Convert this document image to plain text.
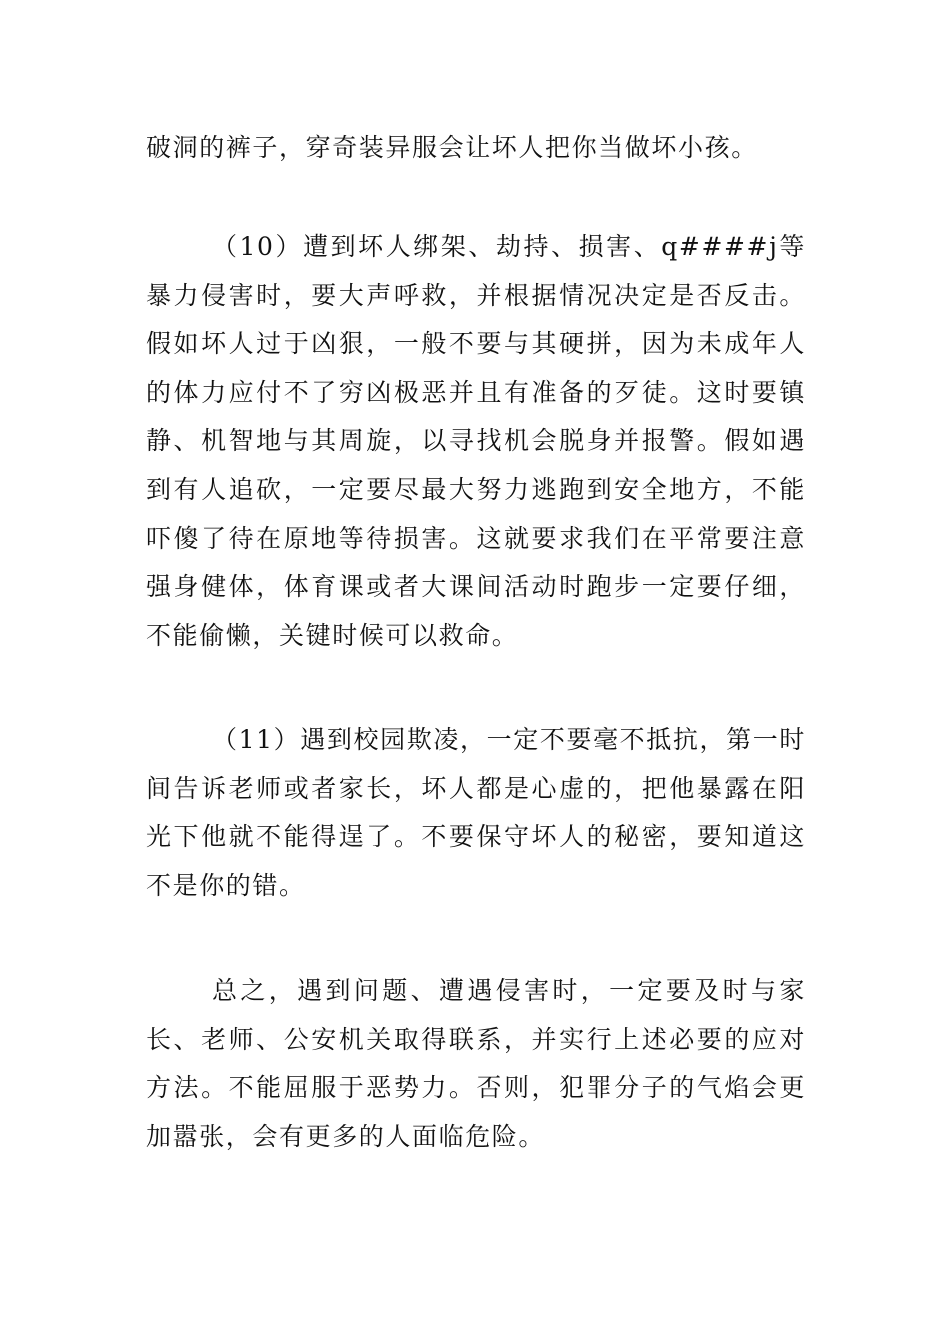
破洞的裤子，穿奇装异服会让坏人把你当做坏小孩。

（10）遭到坏人绑架、劫持、损害、q####j等暴力侵害时，要大声呼救，并根据情况决定是否反击。假如坏人过于凶狠，一般不要与其硬拼，因为未成年人的体力应付不了穷凶极恶并且有准备的歹徒。这时要镇静、机智地与其周旋，以寻找机会脱身并报警。假如遇到有人追砍，一定要尽最大努力逃跑到安全地方，不能吓傻了待在原地等待损害。这就要求我们在平常要注意强身健体，体育课或者大课间活动时跑步一定要仔细，不能偷懒，关键时候可以救命。

（11）遇到校园欺凌，一定不要毫不抵抗，第一时间告诉老师或者家长，坏人都是心虚的，把他暴露在阳光下他就不能得逞了。不要保守坏人的秘密，要知道这不是你的错。

总之，遇到问题、遭遇侵害时，一定要及时与家长、老师、公安机关取得联系，并实行上述必要的应对方法。不能屈服于恶势力。否则，犯罪分子的气焰会更加嚣张，会有更多的人面临危险。
